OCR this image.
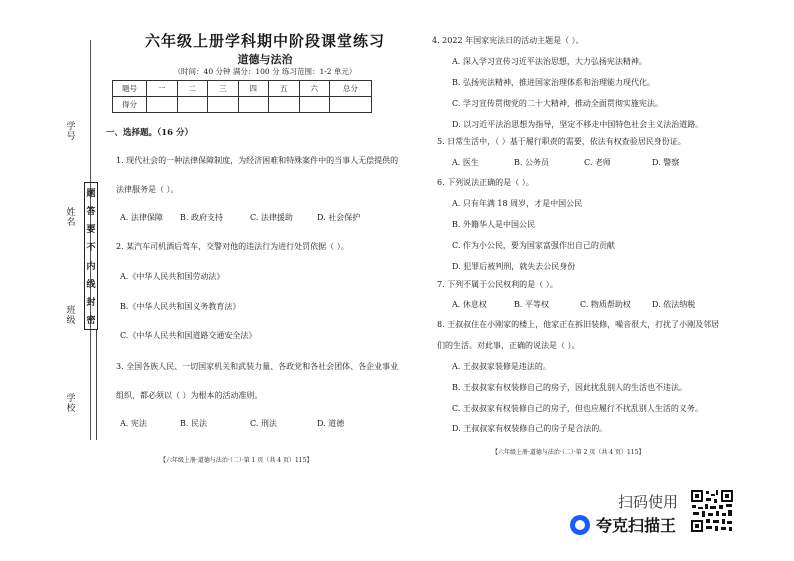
学号
姓名
班级
学校
题
答
要
不
内
线
封
密
六年级上册学科期中阶段课堂练习
道德与法治
（时间：40 分钟 满分：100 分 练习范围：1-2 单元）
题号	一	二	三	四	五	六	总分
得分							
一、选择题。（16 分）
1. 现代社会的一种法律保障制度，为经济困难和特殊案件中的当事人无偿提供的
法律服务是（ ）。
A. 法律保障 B. 政府支持	C. 法律援助	D. 社会保护
2. 某汽车司机酒后驾车，交警对他的违法行为进行处罚依据（ ）。
A.《中华人民共和国劳动法》
B.《中华人民共和国义务教育法》
C.《中华人民共和国道路交通安全法》
3. 全国各族人民、一切国家机关和武装力量、各政党和各社会团体、各企业事业
组织，都必须以（ ）为根本的活动准则。
A. 宪法	B. 民法	C. 刑法	D. 道德
【六年级上册·道德与法治·（二）·第 1 页（共 4 页）115】
4. 2022 年国家宪法日的活动主题是（ ）。
A. 深入学习宣传习近平法治思想，大力弘扬宪法精神。
B. 弘扬宪法精神，推进国家治理体系和治理能力现代化。
C. 学习宣传贯彻党的二十大精神，推动全面贯彻实施宪法。
D. 以习近平法治思想为指导，坚定不移走中国特色社会主义法治道路。
5. 日常生活中，（ ）基于履行职责的需要，依法有权查验居民身份证。
A. 医生	B. 公务员	C. 老师	D. 警察
6. 下列说法正确的是（ ）。
A. 只有年满 18 周岁，才是中国公民
B. 外籍华人是中国公民
C. 作为小公民，要为国家富强作出自己的贡献
D. 犯罪后被判刑，就失去公民身份
7. 下列不属于公民权利的是（ ）。
A. 休息权	B. 平等权	C. 物质帮助权	D. 依法纳税
8. 王叔叔住在小刚家的楼上，他家正在拆旧装修，噪音很大，打扰了小刚及邻居
们的生活。对此事，正确的说法是（ ）。
A. 王叔叔家装修是违法的。
B. 王叔叔家有权装修自己的房子，因此扰乱别人的生活也不违法。
C. 王叔叔家有权装修自己的房子，但也应履行不扰乱别人生活的义务。
D. 王叔叔家有权装修自己的房子是合法的。
【六年级上册·道德与法治·（二）·第 2 页（共 4 页）115】
扫码使用
夸克扫描王
